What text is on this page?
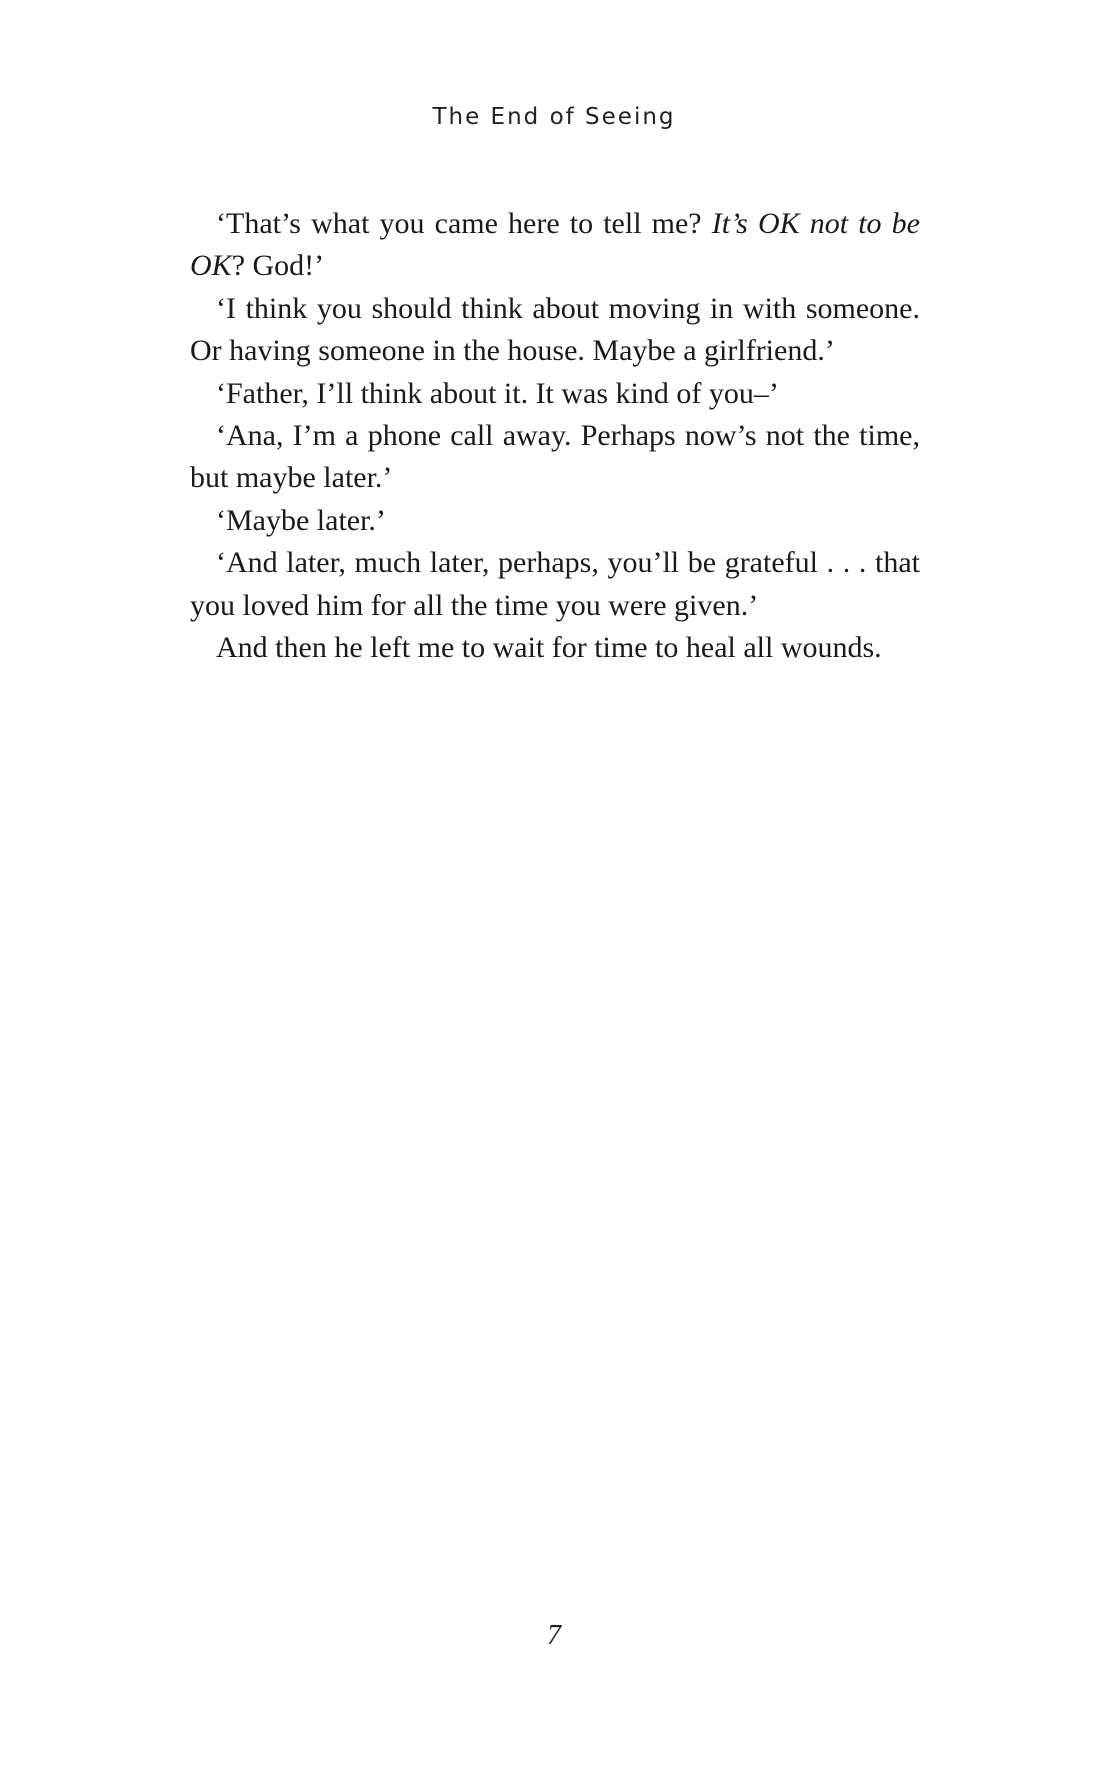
The End of Seeing

‘That’s what you came here to tell me? It’s OK not to be OK? God!’

‘I think you should think about moving in with someone. Or having someone in the house. Maybe a girlfriend.’

‘Father, I’ll think about it. It was kind of you–’

‘Ana, I’m a phone call away. Perhaps now’s not the time, but maybe later.’

‘Maybe later.’

‘And later, much later, perhaps, you’ll be grateful . . . that you loved him for all the time you were given.’

And then he left me to wait for time to heal all wounds.

7
